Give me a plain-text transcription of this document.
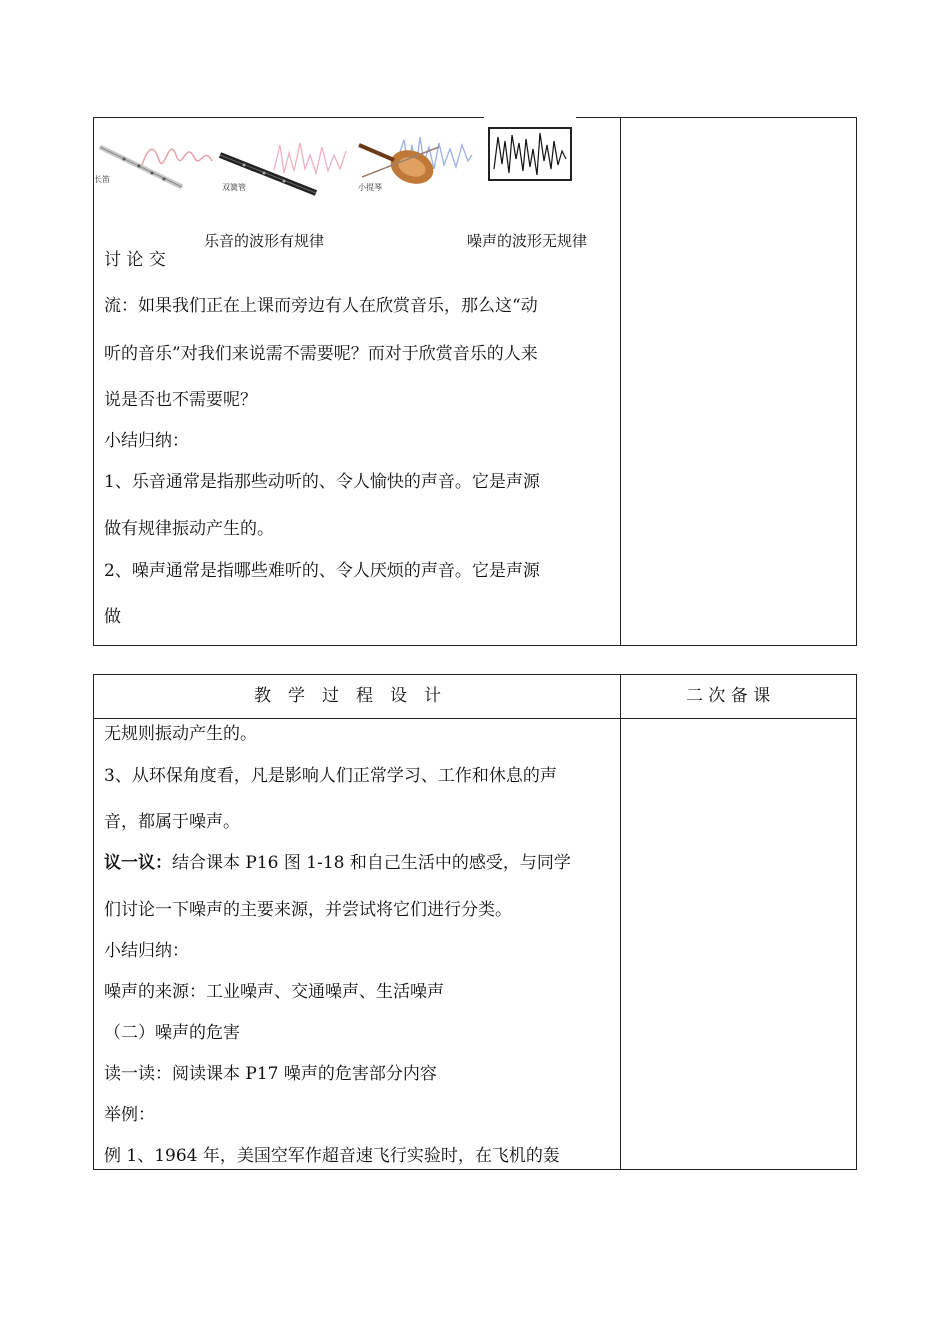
长笛
双簧管	小提琴
乐音的波形有规律	噪声的波形无规律
讨 论 交
流：如果我们正在上课而旁边有人在欣赏音乐，那么这“动
听的音乐”对我们来说需不需要呢？而对于欣赏音乐的人来
说是否也不需要呢？
小结归纳：
1、乐音通常是指那些动听的、令人愉快的声音。它是声源
做有规律振动产生的。
2、噪声通常是指哪些难听的、令人厌烦的声音。它是声源
做
教　学　过　程　设　计	二 次 备 课
无规则振动产生的。
3、从环保角度看，凡是影响人们正常学习、工作和休息的声
音，都属于噪声。
议一议：结合课本 P16 图 1-18 和自己生活中的感受，与同学
们讨论一下噪声的主要来源，并尝试将它们进行分类。
小结归纳：
噪声的来源：工业噪声、交通噪声、生活噪声
（二）噪声的危害
读一读：阅读课本 P17 噪声的危害部分内容
举例：
例 1、1964 年，美国空军作超音速飞行实验时，在飞机的轰
